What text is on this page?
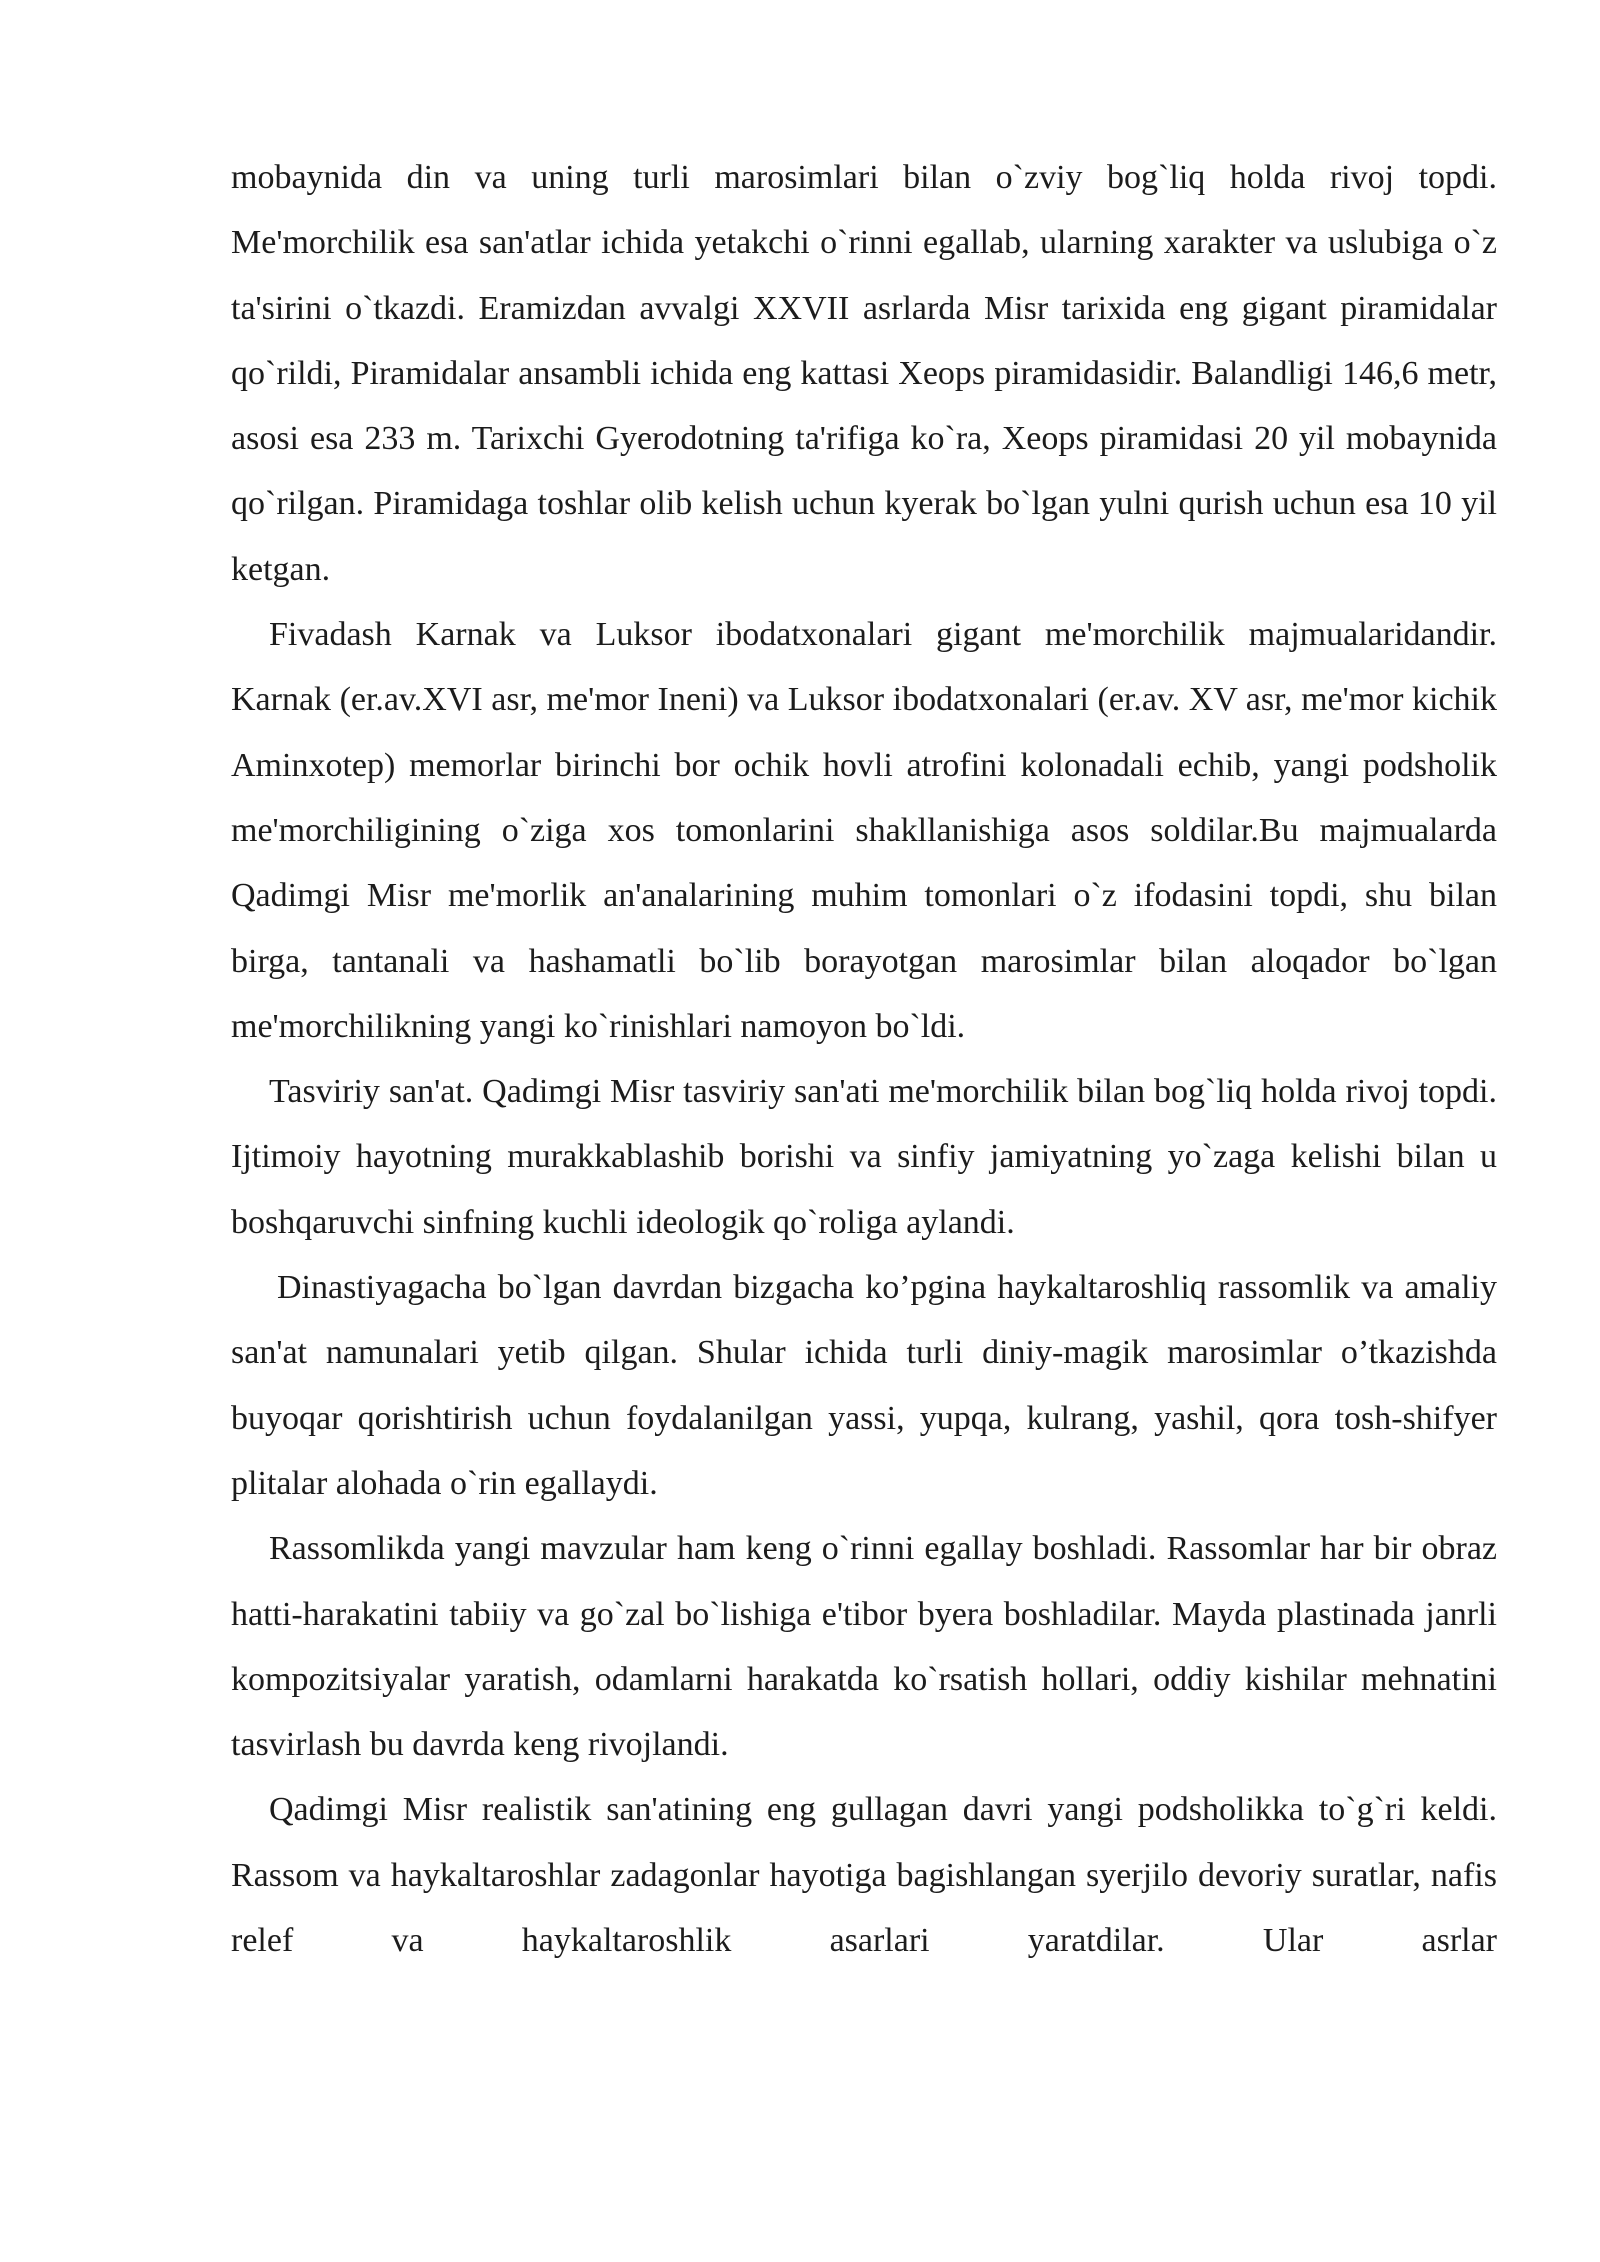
mobaynida din va uning turli marosimlari bilan o`zviy bog`liq holda rivoj topdi. Me'morchilik esa san'atlar ichida yetakchi o`rinni egallab, ularning xarakter va uslubiga o`z ta'sirini o`tkazdi. Eramizdan avvalgi XXVII asrlarda Misr tarixida eng gigant piramidalar qo`rildi, Piramidalar ansambli ichida eng kattasi Xeops piramidasidir. Balandligi 146,6 metr, asosi esa 233 m. Tarixchi Gyerodotning ta'rifiga ko`ra, Xeops piramidasi 20 yil mobaynida qo`rilgan. Piramidaga toshlar olib kelish uchun kyerak bo`lgan yulni qurish uchun esa 10 yil ketgan.

Fivadash Karnak va Luksor ibodatxonalari gigant me'morchilik majmualaridandir. Karnak (er.av.XVI asr, me'mor Ineni) va Luksor ibodatxonalari (er.av. XV asr, me'mor kichik Aminxotep) memorlar birinchi bor ochik hovli atrofini kolonadali echib, yangi podsholik me'morchiligining o`ziga xos tomonlarini shakllanishiga asos soldilar.Bu majmualarda Qadimgi Misr me'morlik an'analarining muhim tomonlari o`z ifodasini topdi, shu bilan birga, tantanali va hashamatli bo`lib borayotgan marosimlar bilan aloqador bo`lgan me'morchilikning yangi ko`rinishlari namoyon bo`ldi.

Tasviriy san'at. Qadimgi Misr tasviriy san'ati me'morchilik bilan bog`liq holda rivoj topdi. Ijtimoiy hayotning murakkablashib borishi va sinfiy jamiyatning yo`zaga kelishi bilan u boshqaruvchi sinfning kuchli ideologik qo`roliga aylandi.

Dinastiyagacha bo`lgan davrdan bizgacha ko’pgina haykaltaroshliq rassomlik va amaliy san'at namunalari yetib qilgan. Shular ichida turli diniy-magik marosimlar o’tkazishda buyoqar qorishtirish uchun foydalanilgan yassi, yupqa, kulrang, yashil, qora tosh-shifyer plitalar alohada o`rin egallaydi.

Rassomlikda yangi mavzular ham keng o`rinni egallay boshladi. Rassomlar har bir obraz hatti-harakatini tabiiy va go`zal bo`lishiga e'tibor byera boshladilar. Mayda plastinada janrli kompozitsiyalar yaratish, odamlarni harakatda ko`rsatish hollari, oddiy kishilar mehnatini tasvirlash bu davrda keng rivojlandi.

Qadimgi Misr realistik san'atining eng gullagan davri yangi podsholikka to`g`ri keldi. Rassom va haykaltaroshlar zadagonlar hayotiga bagishlangan syerjilo devoriy suratlar, nafis relef va haykaltaroshlik asarlari yaratdilar. Ular asrlar
